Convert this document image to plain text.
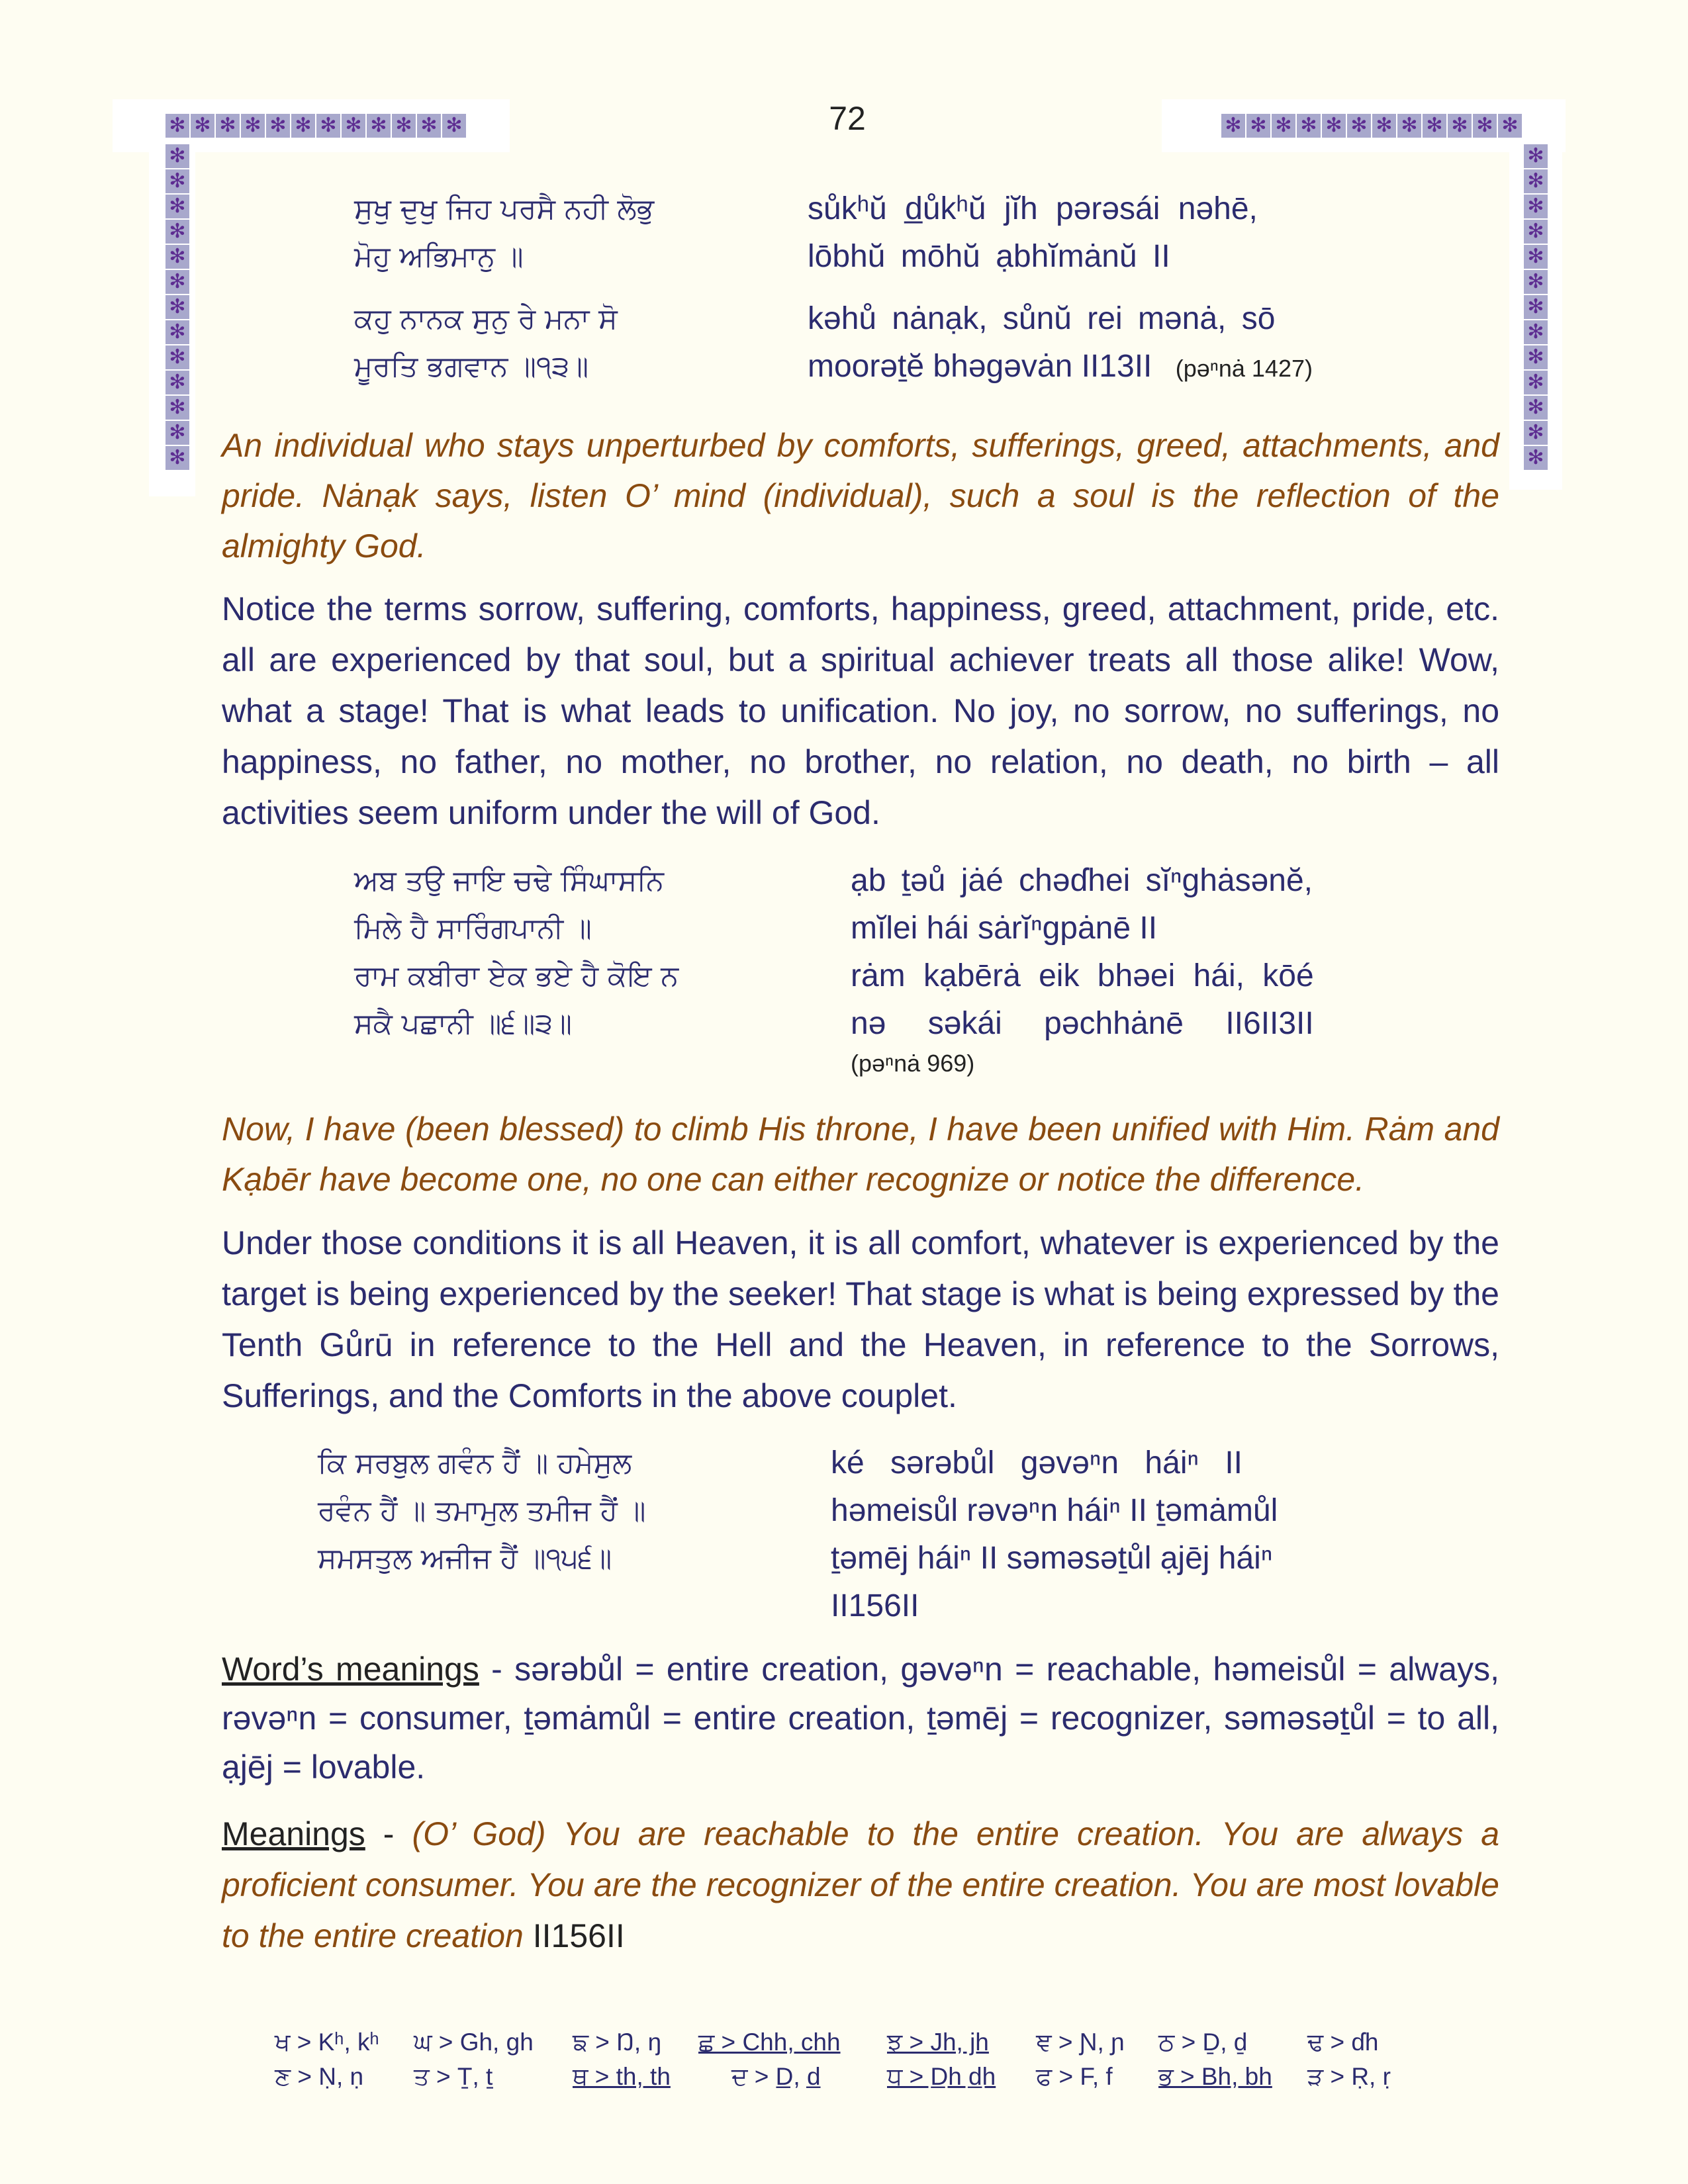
✻ ✻ ✻ ✻ ✻ ✻ ✻ ✻ ✻ ✻ ✻ ✻	✻ ✻ ✻ ✻ ✻ ✻ ✻ ✻ ✻ ✻ ✻ ✻
✻
✻
✻
✻
✻
✻
✻
✻
✻
✻
✻
✻
✻
✻
✻
✻
✻
✻
✻
✻
✻
✻
✻
✻
✻
✻
72
ਸੁਖੁ ਦੁਖੁ ਜਿਹ ਪਰਸੈ ਨਹੀ ਲੋਭੁ
ਮੋਹੁ ਅਭਿਮਾਨੁ ॥
ਕਹੁ ਨਾਨਕ ਸੁਨੁ ਰੇ ਮਨਾ ਸੋ
ਮੂਰਤਿ ਭਗਵਾਨ ॥੧੩॥
sůkʰŭ d̲ůkʰŭ jĭh pərəsái nəhē,
lōbhŭ mōhŭ ạbhĭmȧnŭ II
kəhů nȧnạk, sůnŭ rei mənȧ, sō
moorəṯĕ bhəgəvȧn II13II (pəⁿnȧ 1427)
An individual who stays unperturbed by comforts, sufferings, greed, attachments, and pride. Nȧnạk says, listen O’ mind (individual), such a soul is the reflection of the almighty God.
Notice the terms sorrow, suffering, comforts, happiness, greed, attachment, pride, etc. all are experienced by that soul, but a spiritual achiever treats all those alike! Wow, what a stage! That is what leads to unification. No joy, no sorrow, no sufferings, no happiness, no father, no mother, no brother, no relation, no death, no birth – all activities seem uniform under the will of God.
ਅਬ ਤਉ ਜਾਇ ਚਢੇ ਸਿੰਘਾਸਨਿ
ਮਿਲੇ ਹੈ ਸਾਰਿੰਗਪਾਨੀ ॥
ਰਾਮ ਕਬੀਰਾ ਏਕ ਭਏ ਹੈ ਕੋਇ ਨ
ਸਕੈ ਪਛਾਨੀ ॥੬॥੩॥
ạb ṯəů jȧé chəɗhei sĭⁿghȧsənĕ,
mĭlei hái sȧrĭⁿgpȧnē II
rȧm kạbērȧ eik bhəei hái, kōé
nə səkái pəchhȧnē II6II3II
(pəⁿnȧ 969)
Now, I have (been blessed) to climb His throne, I have been unified with Him. Rȧm and Kạbēr have become one, no one can either recognize or notice the difference.
Under those conditions it is all Heaven, it is all comfort, whatever is experienced by the target is being experienced by the seeker! That stage is what is being expressed by the Tenth Gůrū in reference to the Hell and the Heaven, in reference to the Sorrows, Sufferings, and the Comforts in the above couplet.
ਕਿ ਸਰਬੁਲ ਗਵੰਨ ਹੈਂ ॥ ਹਮੇਸੁਲ
ਰਵੰਨ ਹੈਂ ॥ ਤਮਾਮੁਲ ਤਮੀਜ ਹੈਂ ॥
ਸਮਸਤੁਲ ਅਜੀਜ ਹੈਂ ॥੧੫੬॥
ké sərəbůl gəvəⁿn háiⁿ II
həmeisůl rəvəⁿn háiⁿ II ṯəmȧmůl
ṯəmēj háiⁿ II səməsəṯůl ạjēj háiⁿ
II156II
Word’s meanings - sərəbůl = entire creation, gəvəⁿn = reachable, həmeisůl = always, rəvəⁿn = consumer, ṯəmȧmůl = entire creation, ṯəmēj = recognizer, səməsəṯůl = to all, ạjēj = lovable.
Meanings - (O’ God) You are reachable to the entire creation. You are always a proficient consumer. You are the recognizer of the entire creation. You are most lovable to the entire creation II156II
ਖ > Kʰ, kʰ ਘ > Gh, gh ਙ > Ŋ, ŋ ਛ > Chh, chh ਝ > Jh, jh ਞ > Ɲ, ɲ ਠ > Ḏ, ḏ ਢ > ɗh
ਣ > Ṇ, ṇ ਤ > Ṯ, ṯ	ਥ > th, th ਦ > D̲, d̲	ਧ > D̲h d̲h ਫ > F, f ਭ > Bh, bh ੜ > Ṛ, ṛ
